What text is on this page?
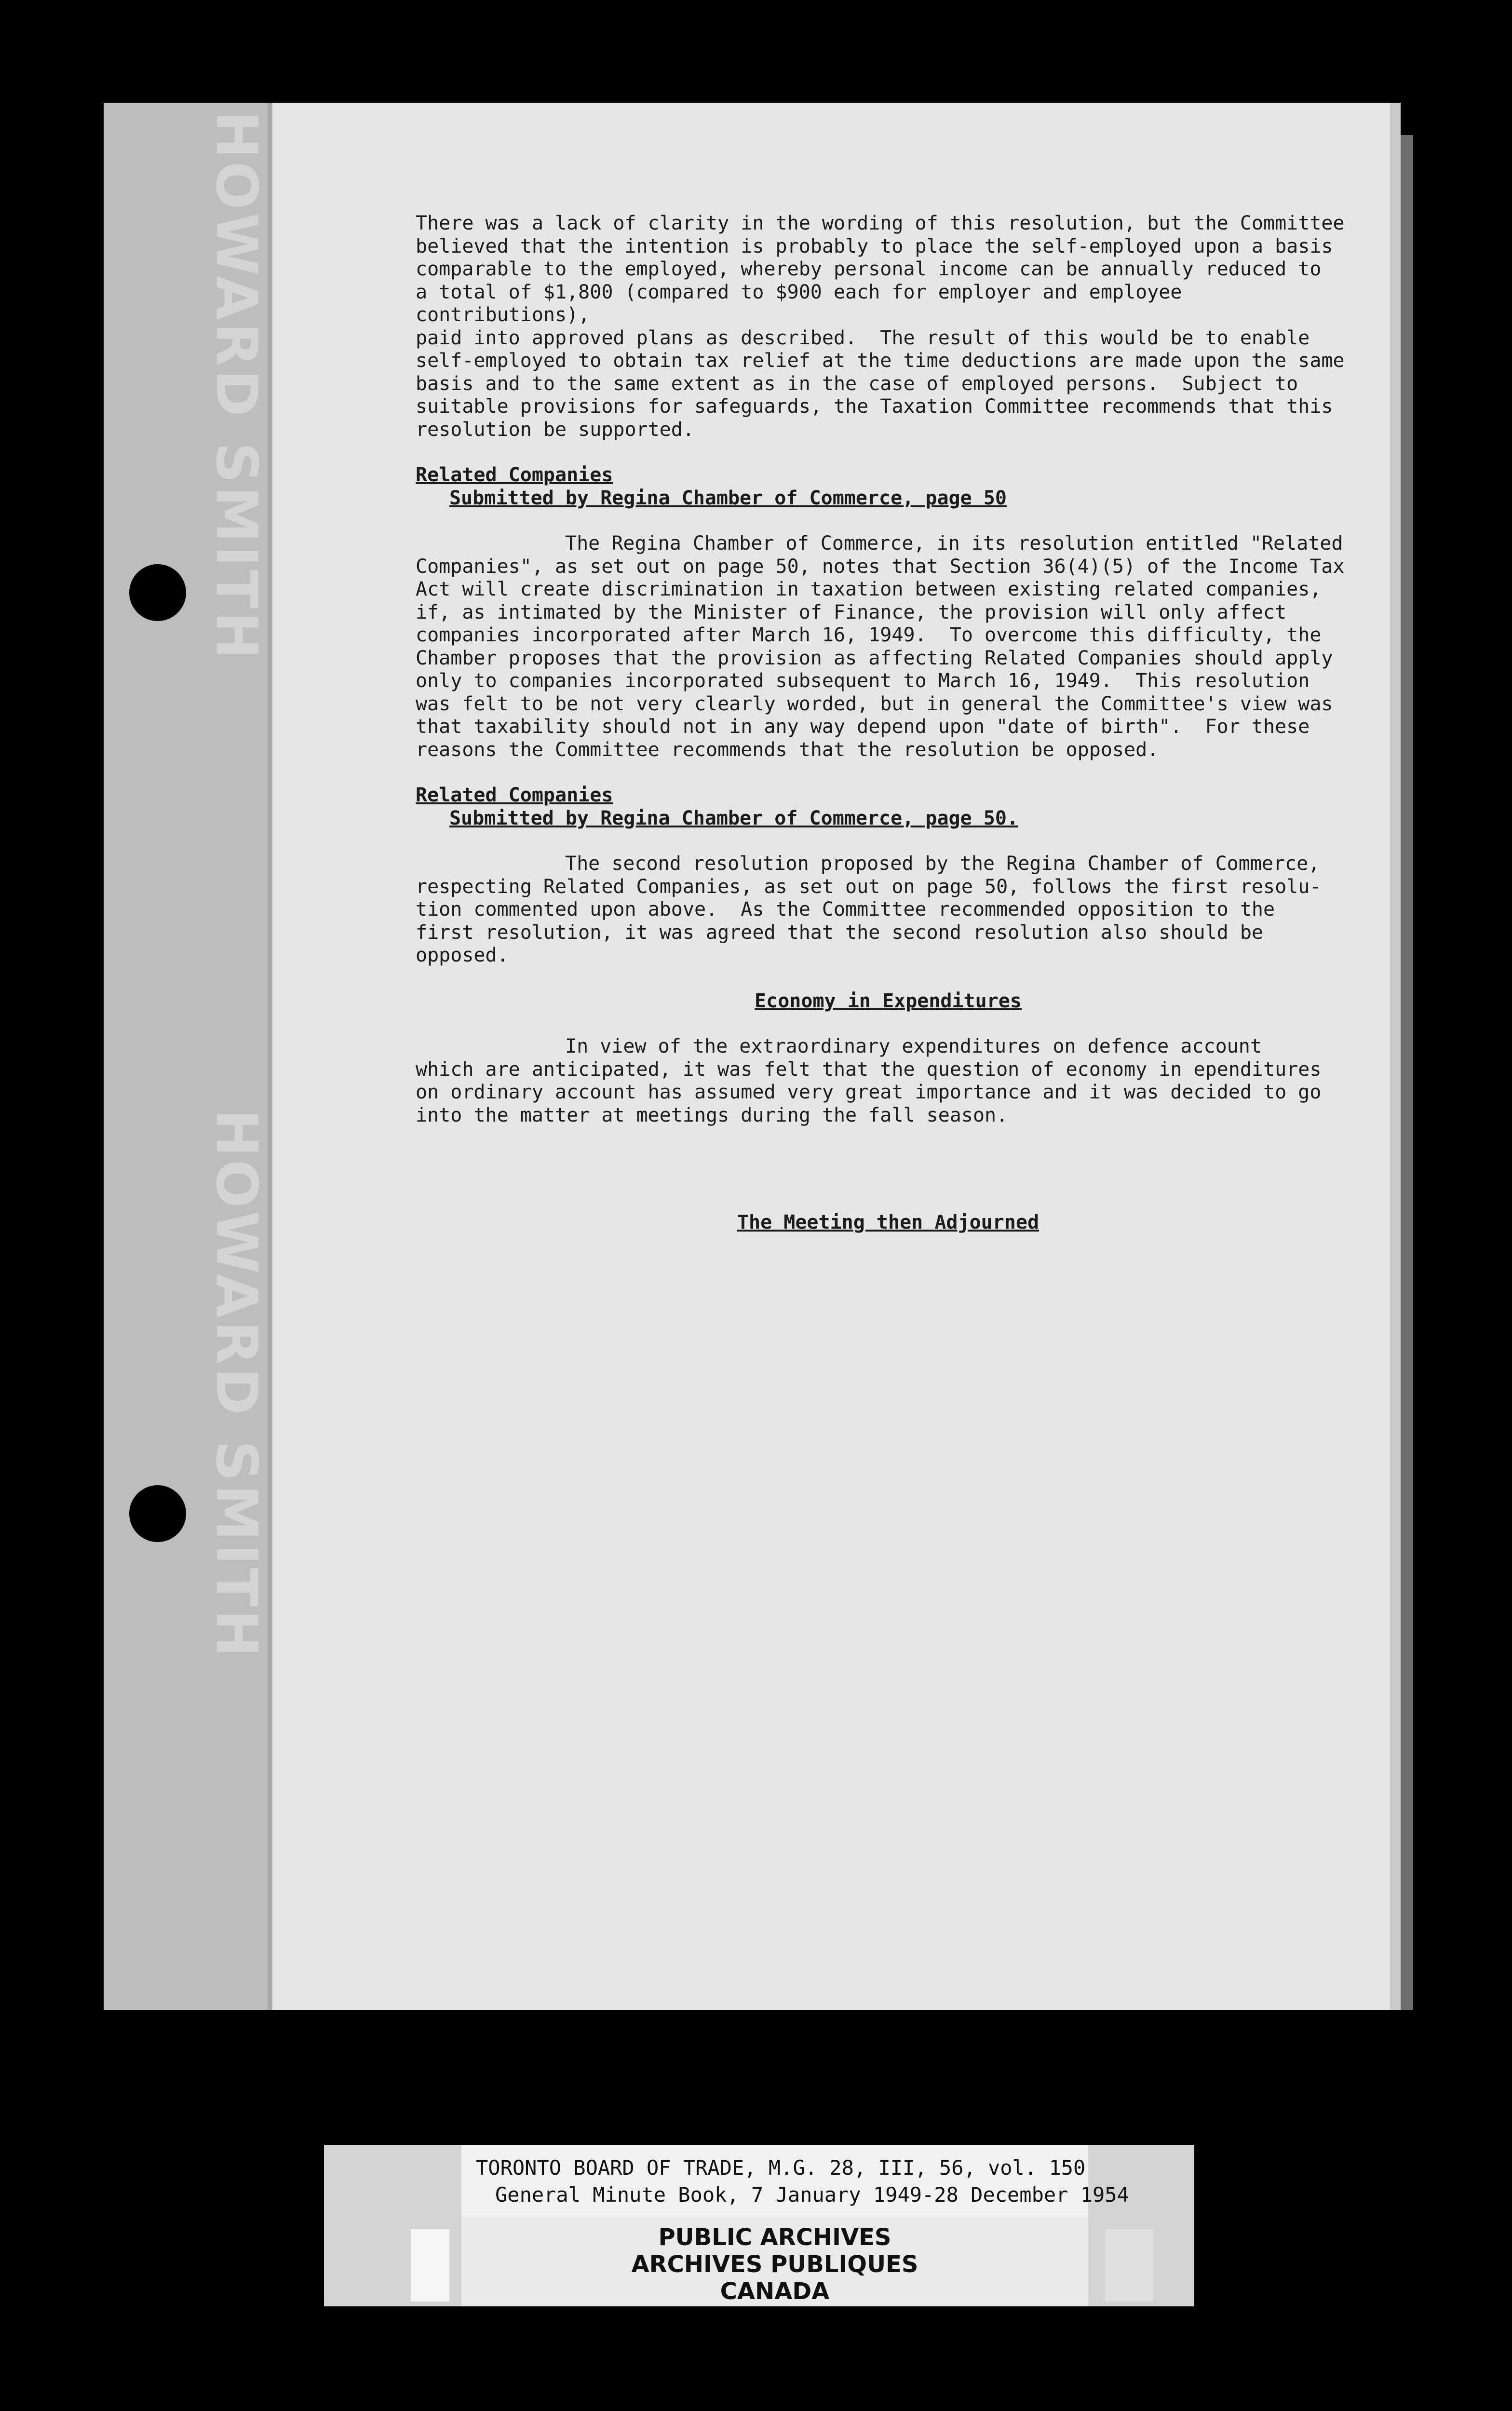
There was a lack of clarity in the wording of this resolution, but the Committee

believed that the intention is probably to place the self-employed upon a basis

comparable to the employed, whereby personal income can be annually reduced to

a total of $1,800 (compared to $900 each for employer and employee contributions),

paid into approved plans as described.  The result of this would be to enable

self-employed to obtain tax relief at the time deductions are made upon the same

basis and to the same extent as in the case of employed persons.  Subject to

suitable provisions for safeguards, the Taxation Committee recommends that this

resolution be supported.

Related Companies

Submitted by Regina Chamber of Commerce, page 50

The Regina Chamber of Commerce, in its resolution entitled "Related

Companies", as set out on page 50, notes that Section 36(4)(5) of the Income Tax

Act will create discrimination in taxation between existing related companies,

if, as intimated by the Minister of Finance, the provision will only affect

companies incorporated after March 16, 1949.  To overcome this difficulty, the

Chamber proposes that the provision as affecting Related Companies should apply

only to companies incorporated subsequent to March 16, 1949.  This resolution

was felt to be not very clearly worded, but in general the Committee's view was

that taxability should not in any way depend upon "date of birth".  For these

reasons the Committee recommends that the resolution be opposed.

Related Companies

Submitted by Regina Chamber of Commerce, page 50.

The second resolution proposed by the Regina Chamber of Commerce,

respecting Related Companies, as set out on page 50, follows the first resolu-

tion commented upon above.  As the Committee recommended opposition to the

first resolution, it was agreed that the second resolution also should be opposed.

Economy in Expenditures

In view of the extraordinary expenditures on defence account

which are anticipated, it was felt that the question of economy in ependitures

on ordinary account has assumed very great importance and it was decided to go

into the matter at meetings during the fall season.

The Meeting then Adjourned

TORONTO BOARD OF TRADE, M.G. 28, III, 56, vol. 150
General Minute Book, 7 January 1949-28 December 1954
PUBLIC ARCHIVES
ARCHIVES PUBLIQUES
CANADA
